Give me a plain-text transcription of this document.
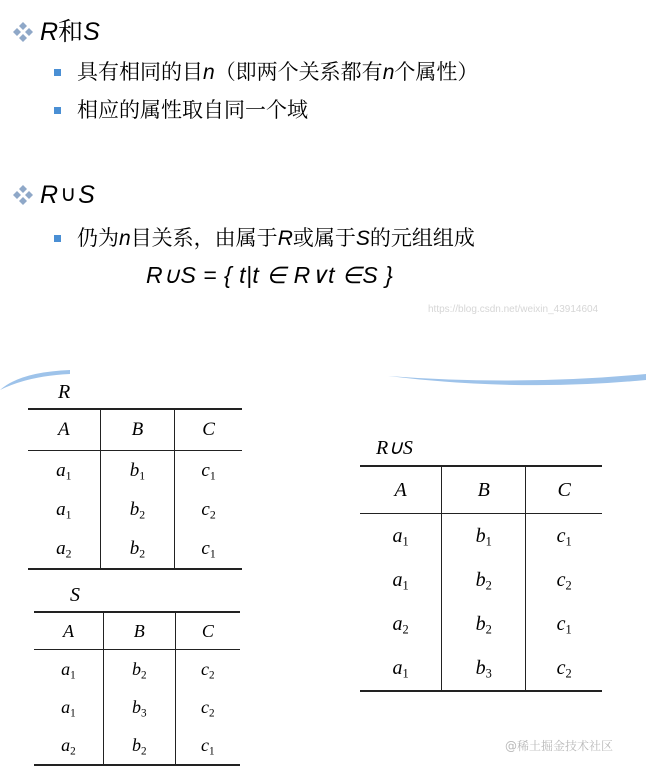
R 和 S
具有相同的目n（即两个关系都有n个属性）
相应的属性取自同一个域
R ∪ S
仍为n目关系，由属于R或属于S的元组组成
R∪S = { t|t ∈ R∨t ∈S }
https://blog.csdn.net/weixin_43914604
R
A	B	C
$a_1$	$b_1$	$c_1$
$a_1$	$b_2$	$c_2$
$a_2$	$b_2$	$c_1$
S
A	B	C
$a_1$	$b_2$	$c_2$
$a_1$	$b_3$	$c_2$
$a_2$	$b_2$	$c_1$
R∪S
A	B	C
$a_1$	$b_1$	$c_1$
$a_1$	$b_2$	$c_2$
$a_2$	$b_2$	$c_1$
$a_1$	$b_3$	$c_2$
@稀土掘金技术社区
